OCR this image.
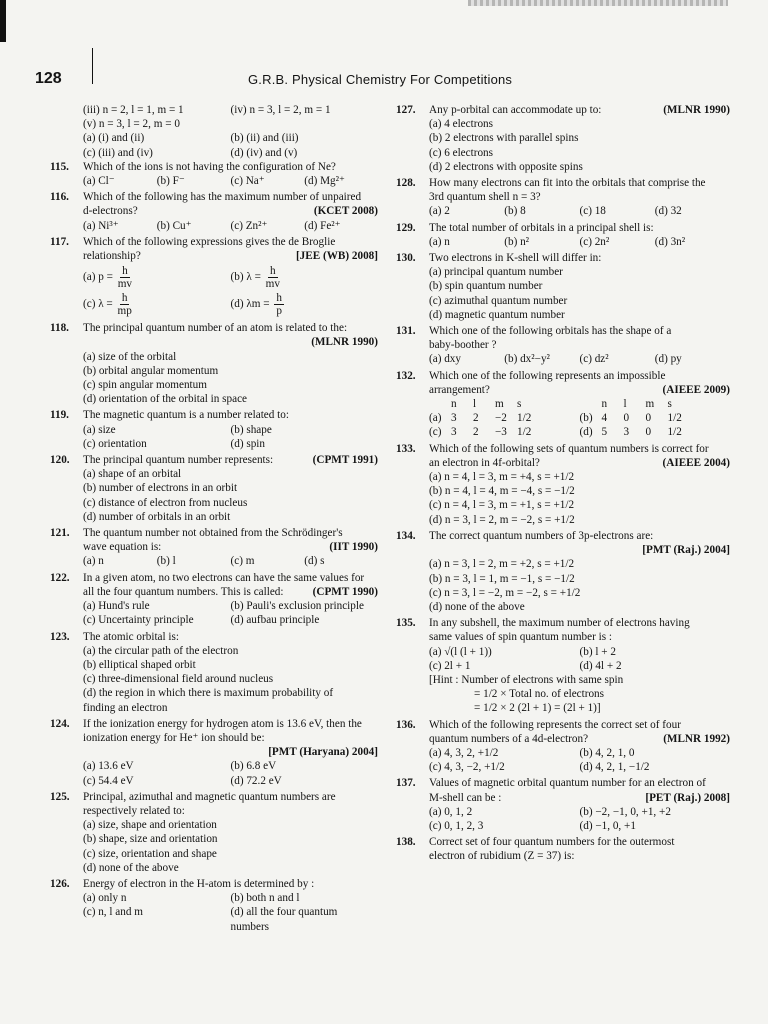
128	G.R.B. Physical Chemistry For Competitions
(iii) n = 2, l = 1, m = 1	(iv) n = 3, l = 2, m = 1
(v) n = 3, l = 2, m = 0
(a) (i) and (ii)	(b) (ii) and (iii)
(c) (iii) and (iv)	(d) (iv) and (v)
115. Which of the ions is not having the configuration of Ne?
(a) Cl⁻	(b) F⁻	(c) Na⁺	(d) Mg²⁺
116. Which of the following has the maximum number of unpaired
d-electrons?	(KCET 2008)
(a) Ni³⁺	(b) Cu⁺	(c) Zn²⁺	(d) Fe²⁺
117. Which of the following expressions gives the de Broglie
relationship?	[JEE (WB) 2008]
(a) $p = \frac{h}{mv}$	(b) $\lambda = \frac{h}{mv}$
(c) $\lambda = \frac{h}{mp}$	(d) $\lambda m = \frac{h}{p}$
118. The principal quantum number of an atom is related to the:
(MLNR 1990)
(a) size of the orbital
(b) orbital angular momentum
(c) spin angular momentum
(d) orientation of the orbital in space
119. The magnetic quantum is a number related to:
(a) size	(b) shape
(c) orientation	(d) spin
120. The principal quantum number represents:	(CPMT 1991)
(a) shape of an orbital
(b) number of electrons in an orbit
(c) distance of electron from nucleus
(d) number of orbitals in an orbit
121. The quantum number not obtained from the Schrödinger's
wave equation is:	(IIT 1990)
(a) n	(b) l	(c) m	(d) s
122. In a given atom, no two electrons can have the same values for
all the four quantum numbers. This is called:	(CPMT 1990)
(a) Hund's rule	(b) Pauli's exclusion principle
(c) Uncertainty principle	(d) aufbau principle
123. The atomic orbital is:
(a) the circular path of the electron
(b) elliptical shaped orbit
(c) three-dimensional field around nucleus
(d) the region in which there is maximum probability of
finding an electron
124. If the ionization energy for hydrogen atom is 13.6 eV, then the
ionization energy for He⁺ ion should be:
[PMT (Haryana) 2004]
(a) 13.6 eV	(b) 6.8 eV
(c) 54.4 eV	(d) 72.2 eV
125. Principal, azimuthal and magnetic quantum numbers are
respectively related to:
(a) size, shape and orientation
(b) shape, size and orientation
(c) size, orientation and shape
(d) none of the above
126. Energy of electron in the H-atom is determined by :
(a) only n	(b) both n and l
(c) n, l and m	(d) all the four quantum numbers
127. Any p-orbital can accommodate up to:	(MLNR 1990)
(a) 4 electrons
(b) 2 electrons with parallel spins
(c) 6 electrons
(d) 2 electrons with opposite spins
128. How many electrons can fit into the orbitals that comprise the
3rd quantum shell n = 3?
(a) 2	(b) 8	(c) 18	(d) 32
129. The total number of orbitals in a principal shell is:
(a) n	(b) n²	(c) 2n²	(d) 3n²
130. Two electrons in K-shell will differ in:
(a) principal quantum number
(b) spin quantum number
(c) azimuthal quantum number
(d) magnetic quantum number
131. Which one of the following orbitals has the shape of a
baby-boother ?
(a) dxy	(b) dx²−y²	(c) dz²	(d) py
132. Which one of the following represents an impossible
arrangement?	(AIEEE 2009)
n l m s	n l m s
(a) 3 2 −2 1/2	(b) 4 0 0 1/2
(c) 3 2 −3 1/2	(d) 5 3 0 1/2
133. Which of the following sets of quantum numbers is correct for
an electron in 4f-orbital?	(AIEEE 2004)
(a) n = 4, l = 3, m = +4, s = +1/2
(b) n = 4, l = 4, m = −4, s = −1/2
(c) n = 4, l = 3, m = +1, s = +1/2
(d) n = 3, l = 2, m = −2, s = +1/2
134. The correct quantum numbers of 3p-electrons are:
[PMT (Raj.) 2004]
(a) n = 3, l = 2, m = +2, s = +1/2
(b) n = 3, l = 1, m = −1, s = −1/2
(c) n = 3, l = −2, m = −2, s = +1/2
(d) none of the above
135. In any subshell, the maximum number of electrons having
same values of spin quantum number is :
(a) √(l (l + 1))	(b) l + 2
(c) 2l + 1	(d) 4l + 2
[Hint : Number of electrons with same spin
= 1/2 × Total no. of electrons
= 1/2 × 2 (2l + 1) = (2l + 1)]
136. Which of the following represents the correct set of four
quantum numbers of a 4d-electron?	(MLNR 1992)
(a) 4, 3, 2, +1/2	(b) 4, 2, 1, 0
(c) 4, 3, −2, +1/2	(d) 4, 2, 1, −1/2
137. Values of magnetic orbital quantum number for an electron of
M-shell can be :	[PET (Raj.) 2008]
(a) 0, 1, 2	(b) −2, −1, 0, +1, +2
(c) 0, 1, 2, 3	(d) −1, 0, +1
138. Correct set of four quantum numbers for the outermost
electron of rubidium (Z = 37) is:
